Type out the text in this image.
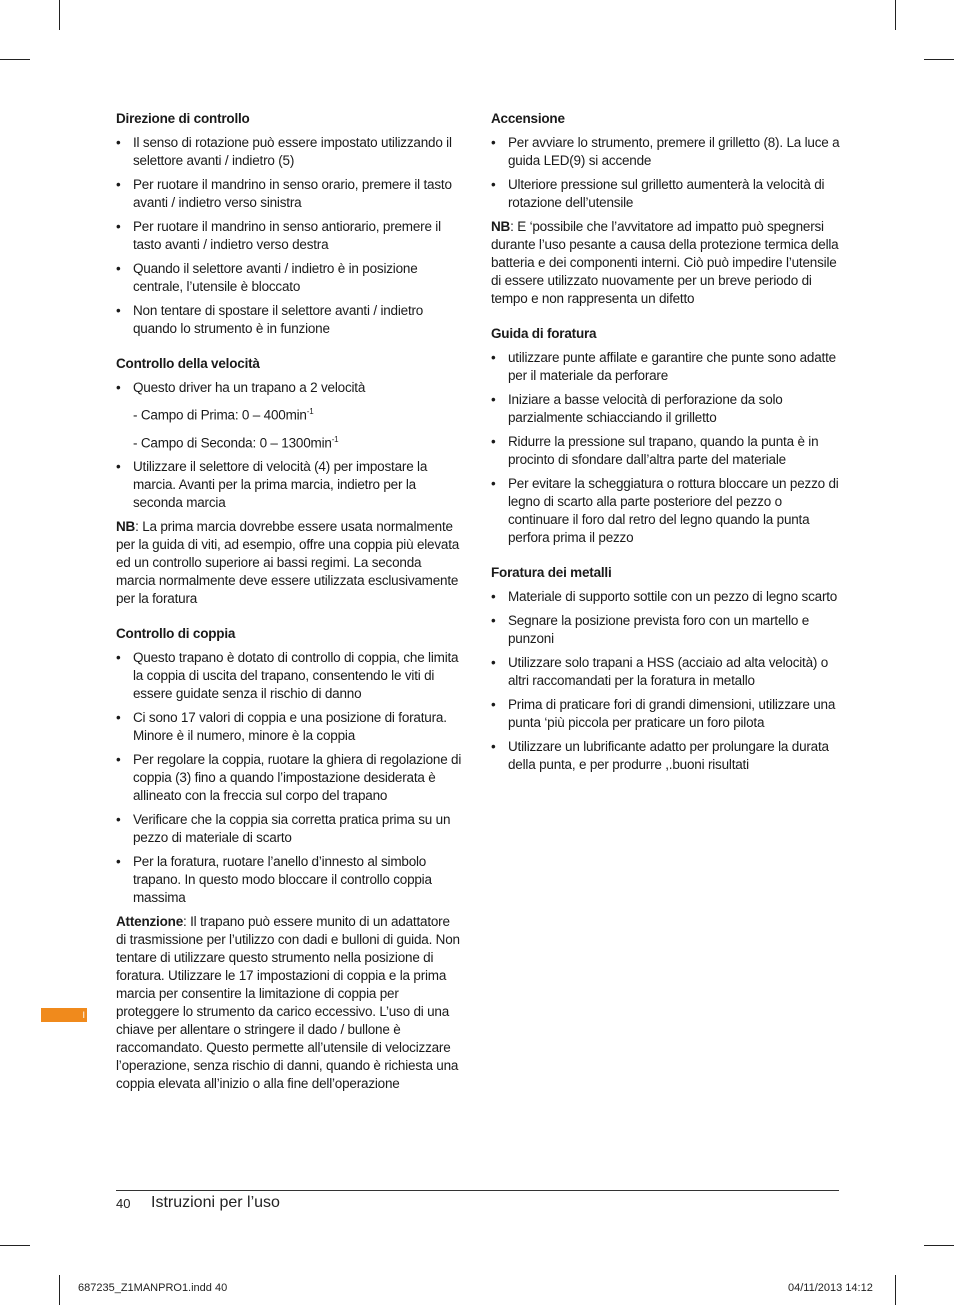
Direzione di controllo
• Il senso di rotazione può essere impostato utilizzando il selettore avanti / indietro (5)
• Per ruotare il mandrino in senso orario, premere il tasto avanti / indietro verso sinistra
• Per ruotare il mandrino in senso antiorario, premere il tasto avanti / indietro verso destra
• Quando il selettore avanti / indietro è in posizione centrale, l’utensile è bloccato
• Non tentare di spostare il selettore avanti / indietro quando lo strumento è in funzione
Controllo della velocità
• Questo driver ha un trapano a 2 velocità
- Campo di Prima: $0 - 400\min^{-1}$
- Campo di Seconda: $0 - 1300\min^{-1}$
• Utilizzare il selettore di velocità (4) per impostare la marcia. Avanti per la prima marcia, indietro per la seconda marcia

NB: La prima marcia dovrebbe essere usata normalmente per la guida di viti, ad esempio, offre una coppia più elevata ed un controllo superiore ai bassi regimi. La seconda marcia normalmente deve essere utilizzata esclusivamente per la foratura

Controllo di coppia
• Questo trapano è dotato di controllo di coppia, che limita la coppia di uscita del trapano, consentendo le viti di essere guidate senza il rischio di danno
• Ci sono 17 valori di coppia e una posizione di foratura. Minore è il numero, minore è la coppia
• Per regolare la coppia, ruotare la ghiera di regolazione di coppia (3) fino a quando l’impostazione desiderata è allineato con la freccia sul corpo del trapano
• Verificare che la coppia sia corretta pratica prima su un pezzo di materiale di scarto
• Per la foratura, ruotare l’anello d’innesto al simbolo trapano. In questo modo bloccare il controllo coppia massima

Attenzione: Il trapano può essere munito di un adattatore di trasmissione per l’utilizzo con dadi e bulloni di guida. Non tentare di utilizzare questo strumento nella posizione di foratura. Utilizzare le 17 impostazioni di coppia e la prima marcia per consentire la limitazione di coppia per proteggere lo strumento da carico eccessivo. L’uso di una chiave per allentare o stringere il dado / bullone è raccomandato. Questo permette all’utensile di velocizzare l’operazione, senza rischio di danni, quando è richiesta una coppia elevata all’inizio o alla fine dell’operazione

Accensione
• Per avviare lo strumento, premere il grilletto (8). La luce a guida LED(9) si accende
• Ulteriore pressione sul grilletto aumenterà la velocità di rotazione dell’utensile

NB: E ‘possibile che l’avvitatore ad impatto può spegnersi durante l’uso pesante a causa della protezione termica della batteria e dei componenti interni. Ciò può impedire l’utensile di essere utilizzato nuovamente per un breve periodo di tempo e non rappresenta un difetto

Guida di foratura
• utilizzare punte affilate e garantire che punte sono adatte per il materiale da perforare
• Iniziare a basse velocità di perforazione da solo parzialmente schiacciando il grilletto
• Ridurre la pressione sul trapano, quando la punta è in procinto di sfondare dall’altra parte del materiale
• Per evitare la scheggiatura o rottura bloccare un pezzo di legno di scarto alla parte posteriore del pezzo o continuare il foro dal retro del legno quando la punta perfora prima il pezzo
Foratura dei metalli
• Materiale di supporto sottile con un pezzo di legno scarto
• Segnare la posizione prevista foro con un martello e punzoni
• Utilizzare solo trapani a HSS (acciaio ad alta velocità) o altri raccomandati per la foratura in metallo
• Prima di praticare fori di grandi dimensioni, utilizzare una punta ‘più piccola per praticare un foro pilota
• Utilizzare un lubrificante adatto per prolungare la durata della punta, e per produrre ,.buoni risultati
I
40 Istruzioni per l’uso
687235_Z1MANPRO1.indd 40	04/11/2013 14:12
